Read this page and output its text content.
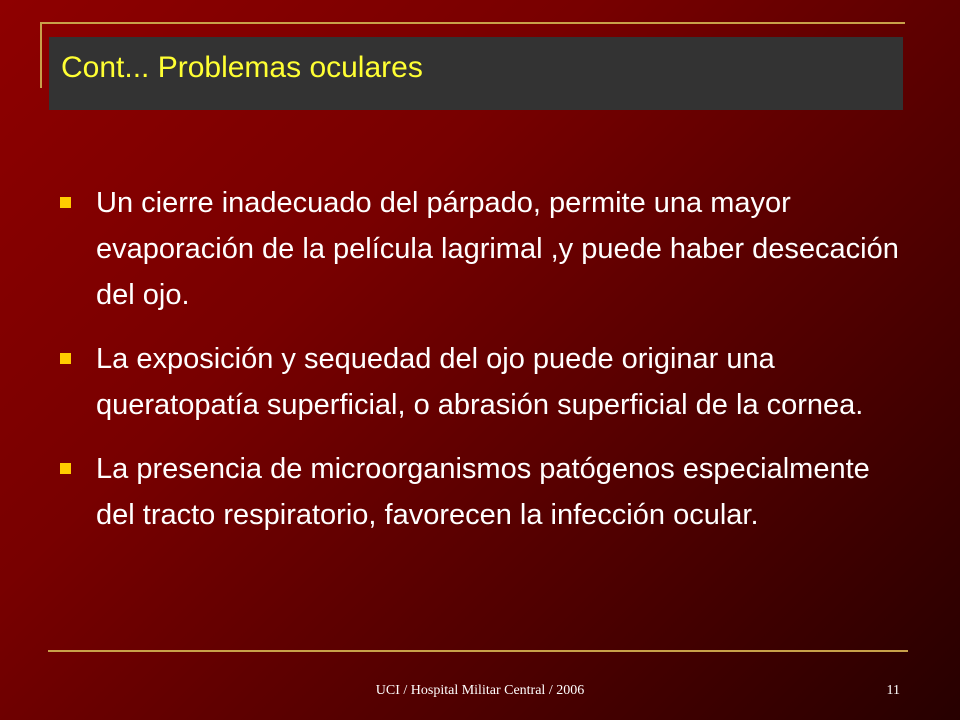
Cont... Problemas oculares
Un cierre inadecuado del párpado, permite una mayor evaporación de la película lagrimal ,y puede haber desecación del ojo.
La exposición y sequedad del ojo puede originar una queratopatía superficial, o abrasión superficial de la cornea.
La presencia de microorganismos patógenos especialmente del tracto respiratorio, favorecen la infección ocular.
UCI / Hospital Militar Central / 2006	11
